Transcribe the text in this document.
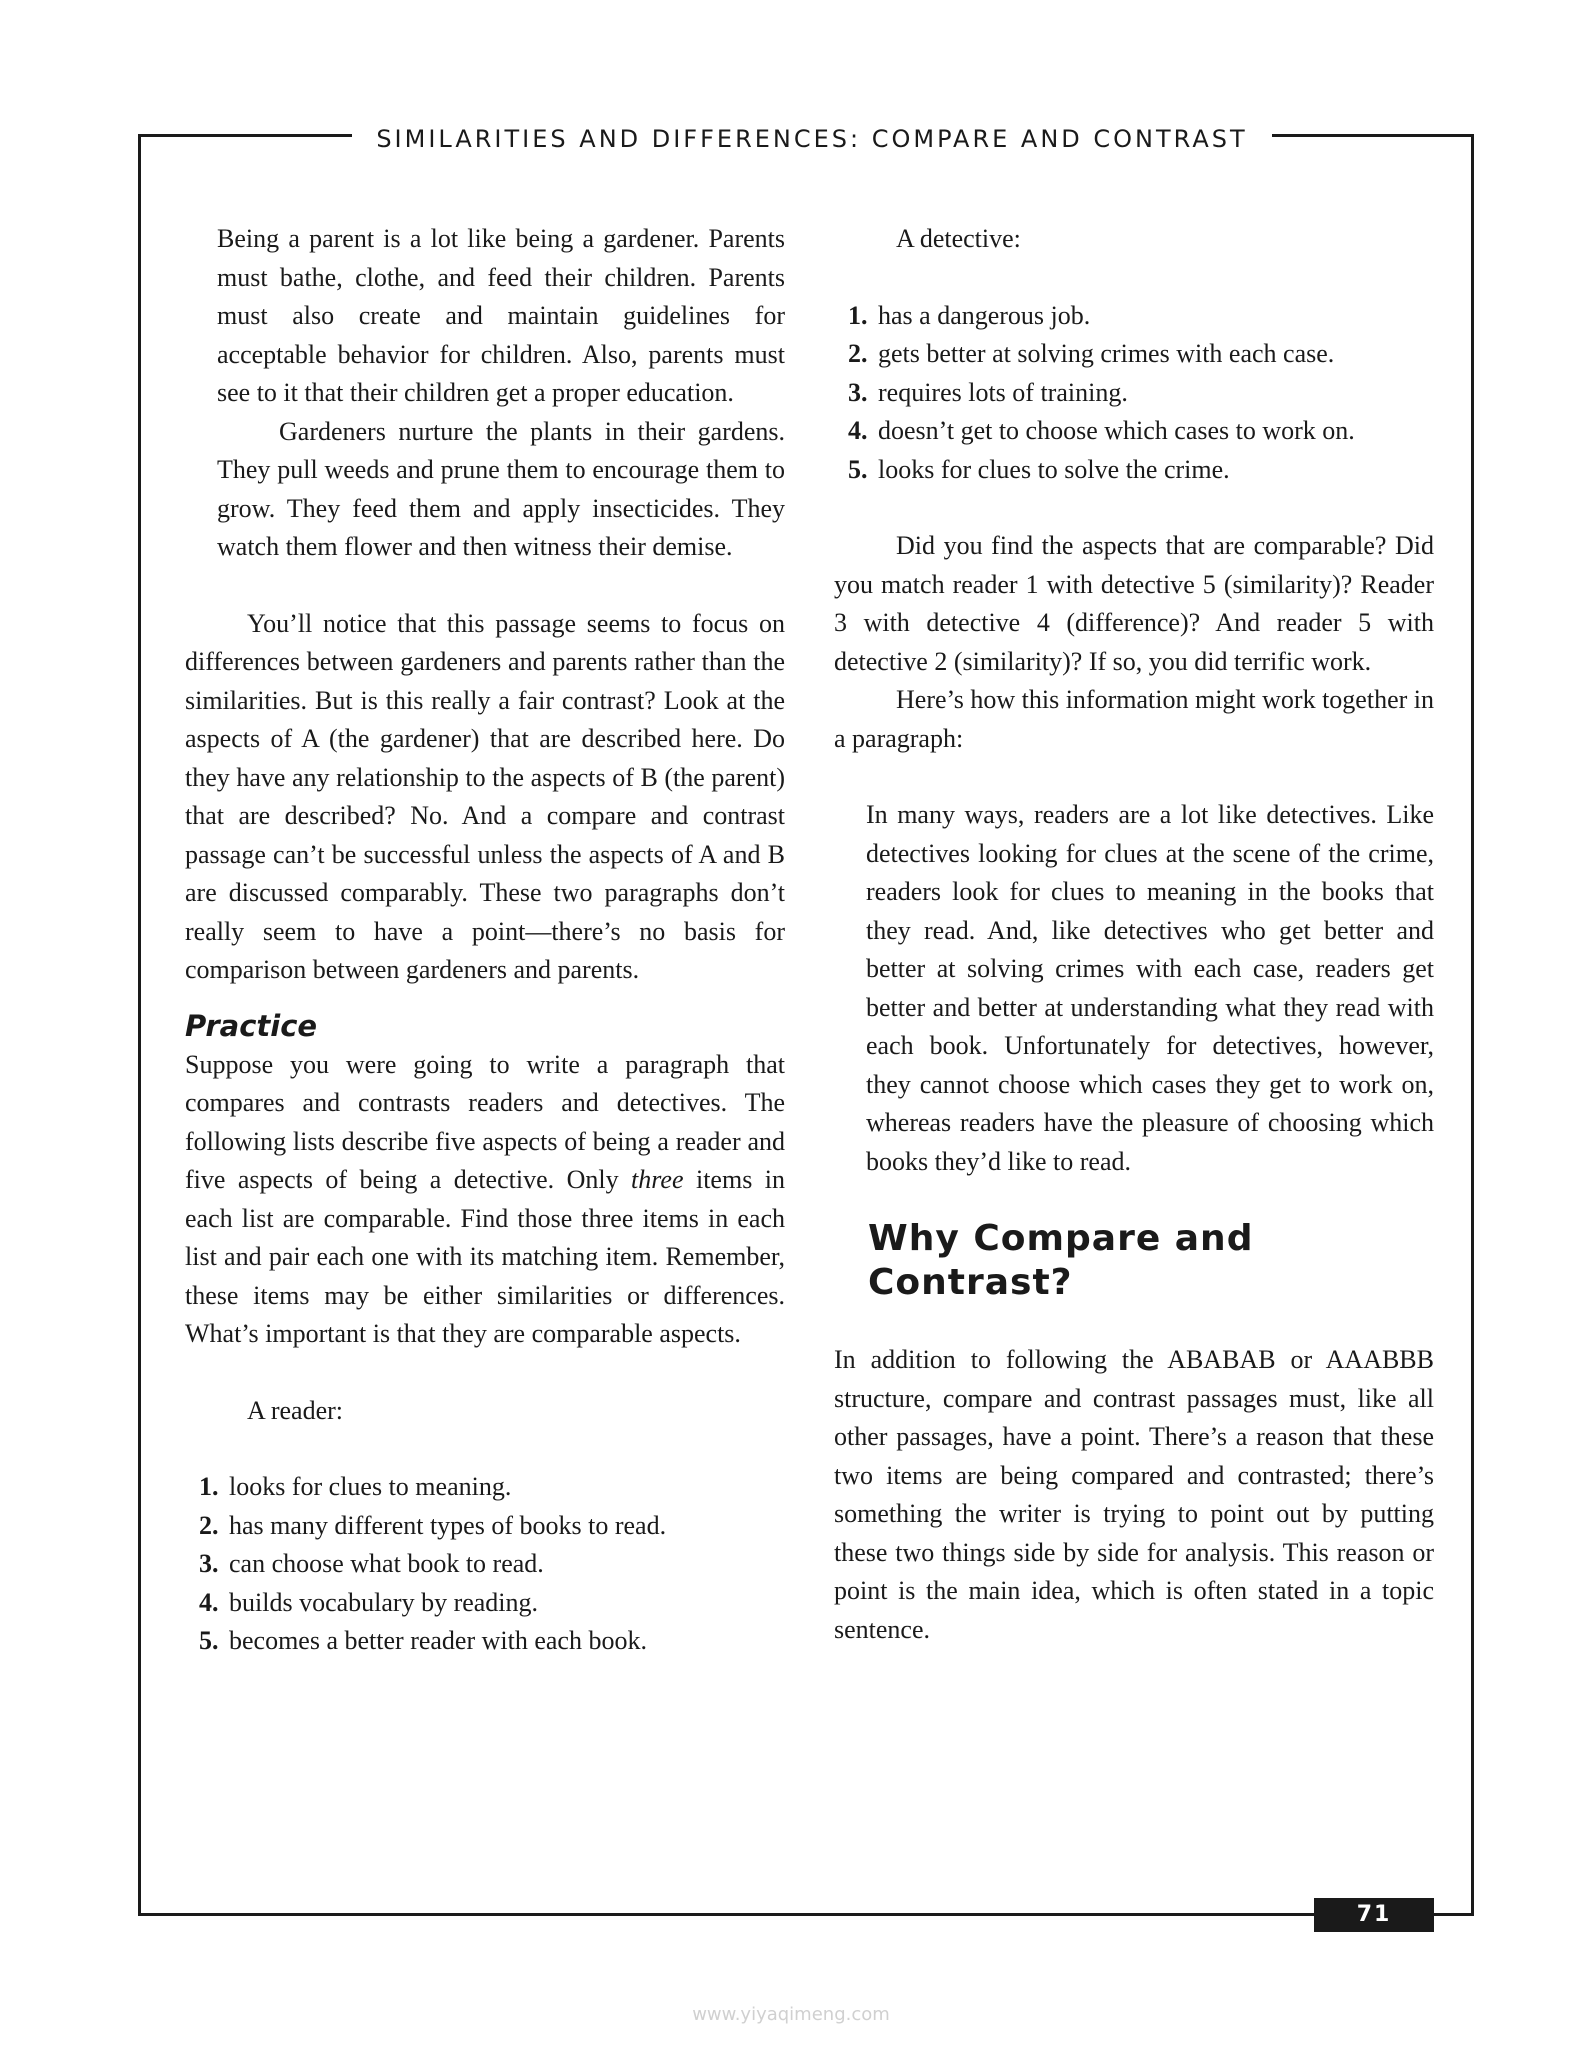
SIMILARITIES AND DIFFERENCES: COMPARE AND CONTRAST

Being a parent is a lot like being a gardener. Parents must bathe, clothe, and feed their children. Parents must also create and maintain guidelines for acceptable behavior for children. Also, parents must see to it that their children get a proper education.

Gardeners nurture the plants in their gardens. They pull weeds and prune them to encourage them to grow. They feed them and apply insecticides. They watch them flower and then witness their demise.

You’ll notice that this passage seems to focus on differences between gardeners and parents rather than the similarities. But is this really a fair contrast? Look at the aspects of A (the gardener) that are described here. Do they have any relationship to the aspects of B (the parent) that are described? No. And a compare and contrast passage can’t be successful unless the aspects of A and B are discussed comparably. These two paragraphs don’t really seem to have a point—there’s no basis for comparison between gardeners and parents.

Practice

Suppose you were going to write a paragraph that compares and contrasts readers and detectives. The following lists describe five aspects of being a reader and five aspects of being a detective. Only three items in each list are comparable. Find those three items in each list and pair each one with its matching item. Remember, these items may be either similarities or differences. What’s important is that they are comparable aspects.

A reader:
1. looks for clues to meaning.
2. has many different types of books to read.
3. can choose what book to read.
4. builds vocabulary by reading.
5. becomes a better reader with each book.
A detective:
1. has a dangerous job.
2. gets better at solving crimes with each case.
3. requires lots of training.
4. doesn’t get to choose which cases to work on.
5. looks for clues to solve the crime.

Did you find the aspects that are comparable? Did you match reader 1 with detective 5 (similarity)? Reader 3 with detective 4 (difference)? And reader 5 with detective 2 (similarity)? If so, you did terrific work.

Here’s how this information might work together in a paragraph:

In many ways, readers are a lot like detectives. Like detectives looking for clues at the scene of the crime, readers look for clues to meaning in the books that they read. And, like detectives who get better and better at solving crimes with each case, readers get better and better at understanding what they read with each book. Unfortunately for detectives, however, they cannot choose which cases they get to work on, whereas readers have the pleasure of choosing which books they’d like to read.

Why Compare and Contrast?

In addition to following the ABABAB or AAABBB structure, compare and contrast passages must, like all other passages, have a point. There’s a reason that these two items are being compared and contrasted; there’s something the writer is trying to point out by putting these two things side by side for analysis. This reason or point is the main idea, which is often stated in a topic sentence.

71
www.yiyaqimeng.com
